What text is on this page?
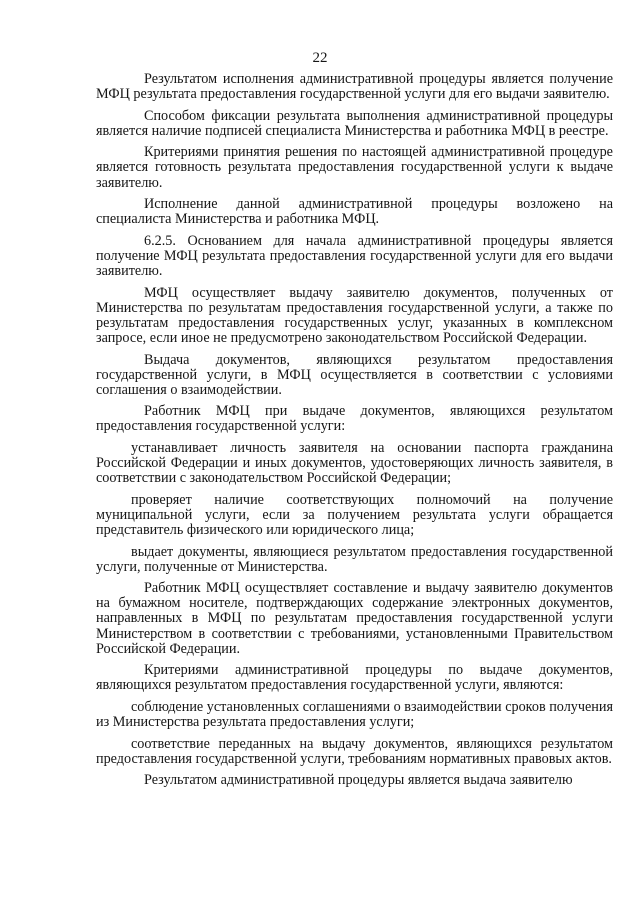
22

Результатом исполнения административной процедуры является получение МФЦ результата предоставления государственной услуги для его выдачи заявителю.

Способом фиксации результата выполнения административной процедуры является наличие подписей специалиста Министерства и работника МФЦ в реестре.

Критериями принятия решения по настоящей административной процедуре является готовность результата предоставления государственной услуги к выдаче заявителю.

Исполнение данной административной процедуры возложено на специалиста Министерства и работника МФЦ.

6.2.5. Основанием для начала административной процедуры является получение МФЦ результата предоставления государственной услуги для его выдачи заявителю.

МФЦ осуществляет выдачу заявителю документов, полученных от Министерства по результатам предоставления государственной услуги, а также по результатам предоставления государственных услуг, указанных в комплексном запросе, если иное не предусмотрено законодательством Российской Федерации.

Выдача документов, являющихся результатом предоставления государственной услуги, в МФЦ осуществляется в соответствии с условиями соглашения о взаимодействии.

Работник МФЦ при выдаче документов, являющихся результатом предоставления государственной услуги:

устанавливает личность заявителя на основании паспорта гражданина Российской Федерации и иных документов, удостоверяющих личность заявителя, в соответствии с законодательством Российской Федерации;

проверяет наличие соответствующих полномочий на получение муниципальной услуги, если за получением результата услуги обращается представитель физического или юридического лица;

выдает документы, являющиеся результатом предоставления государственной услуги, полученные от Министерства.

Работник МФЦ осуществляет составление и выдачу заявителю документов на бумажном носителе, подтверждающих содержание электронных документов, направленных в МФЦ по результатам предоставления государственной услуги Министерством в соответствии с требованиями, установленными Правительством Российской Федерации.

Критериями административной процедуры по выдаче документов, являющихся результатом предоставления государственной услуги, являются:

соблюдение установленных соглашениями о взаимодействии сроков получения из Министерства результата предоставления услуги;

соответствие переданных на выдачу документов, являющихся результатом предоставления государственной услуги, требованиям нормативных правовых актов.

Результатом административной процедуры является выдача заявителю
